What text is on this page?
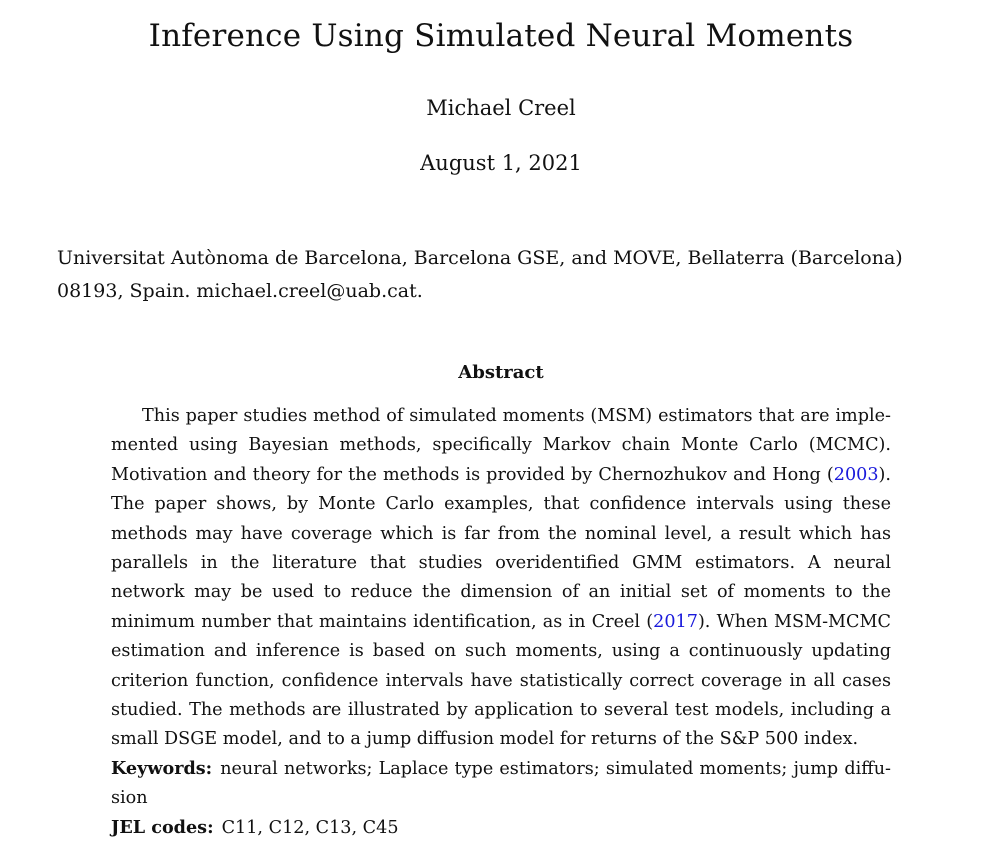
Inference Using Simulated Neural Moments

Michael Creel

August 1, 2021

Universitat Autònoma de Barcelona, Barcelona GSE, and MOVE, Bellaterra (Barcelona) 08193, Spain. michael.creel@uab.cat.

Abstract

This paper studies method of simulated moments (MSM) estimators that are implemented using Bayesian methods, specifically Markov chain Monte Carlo (MCMC). Motivation and theory for the methods is provided by Chernozhukov and Hong (2003). The paper shows, by Monte Carlo examples, that confidence intervals using these methods may have coverage which is far from the nominal level, a result which has parallels in the literature that studies overidentified GMM estimators. A neural network may be used to reduce the dimension of an initial set of moments to the minimum number that maintains identification, as in Creel (2017). When MSM-MCMC estimation and inference is based on such moments, using a continuously updating criterion function, confidence intervals have statistically correct coverage in all cases studied. The methods are illustrated by application to several test models, including a small DSGE model, and to a jump diffusion model for returns of the S&P 500 index.

Keywords: neural networks; Laplace type estimators; simulated moments; jump diffusion

JEL codes: C11, C12, C13, C45
